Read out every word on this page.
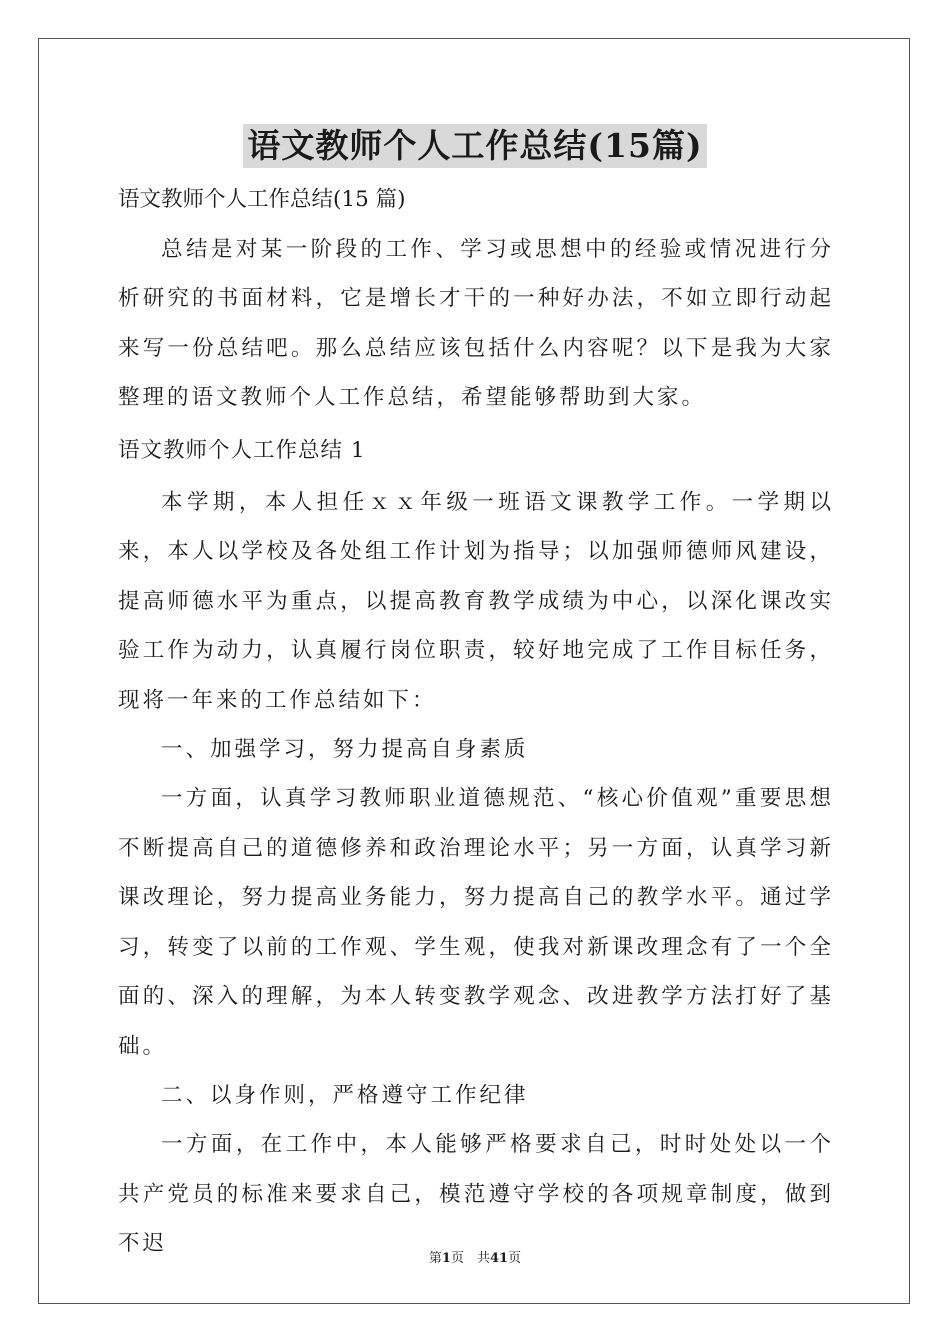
语文教师个人工作总结(15篇)
语文教师个人工作总结(15 篇)

总结是对某一阶段的工作、学习或思想中的经验或情况进行分析研究的书面材料，它是增长才干的一种好办法，不如立即行动起来写一份总结吧。那么总结应该包括什么内容呢？以下是我为大家整理的语文教师个人工作总结，希望能够帮助到大家。

语文教师个人工作总结 1

本学期，本人担任ｘｘ年级一班语文课教学工作。一学期以来，本人以学校及各处组工作计划为指导；以加强师德师风建设，提高师德水平为重点，以提高教育教学成绩为中心，以深化课改实验工作为动力，认真履行岗位职责，较好地完成了工作目标任务，现将一年来的工作总结如下：

一、加强学习，努力提高自身素质

一方面，认真学习教师职业道德规范、“核心价值观”重要思想不断提高自己的道德修养和政治理论水平；另一方面，认真学习新课改理论，努力提高业务能力，努力提高自己的教学水平。通过学习，转变了以前的工作观、学生观，使我对新课改理念有了一个全面的、深入的理解，为本人转变教学观念、改进教学方法打好了基础。

二、以身作则，严格遵守工作纪律

一方面，在工作中，本人能够严格要求自己，时时处处以一个共产党员的标准来要求自己，模范遵守学校的各项规章制度，做到不迟

第1页　共41页
